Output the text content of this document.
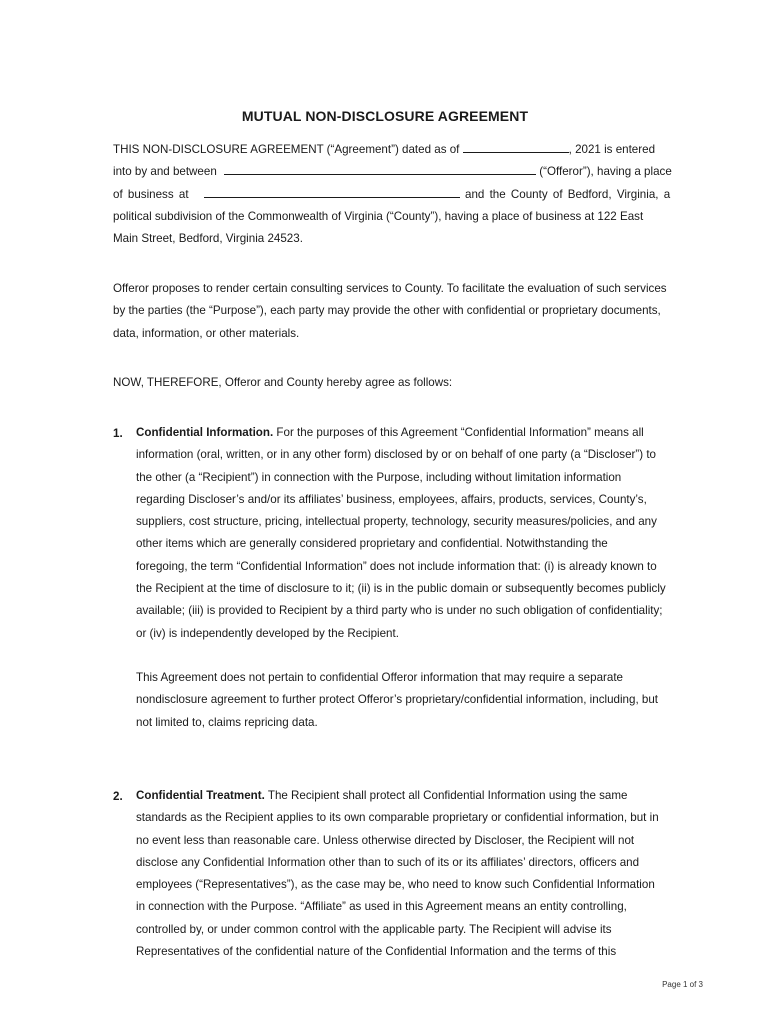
MUTUAL NON-DISCLOSURE AGREEMENT
THIS NON-DISCLOSURE AGREEMENT (“Agreement”) dated as of	, 2021 is entered
into by and between	(“Offeror”), having a place
of business at	and the County of Bedford, Virginia, a
political subdivision of the Commonwealth of Virginia (“County”), having a place of business at 122 East
Main Street, Bedford, Virginia 24523.
Offeror proposes to render certain consulting services to County. To facilitate the evaluation of such services
by the parties (the “Purpose”), each party may provide the other with confidential or proprietary documents,
data, information, or other materials.
NOW, THEREFORE, Offeror and County hereby agree as follows:
1. Confidential Information. For the purposes of this Agreement “Confidential Information” means all
information (oral, written, or in any other form) disclosed by or on behalf of one party (a “Discloser”) to
the other (a “Recipient”) in connection with the Purpose, including without limitation information
regarding Discloser’s and/or its affiliates’ business, employees, affairs, products, services, County’s,
suppliers, cost structure, pricing, intellectual property, technology, security measures/policies, and any
other items which are generally considered proprietary and confidential. Notwithstanding the
foregoing, the term “Confidential Information” does not include information that: (i) is already known to
the Recipient at the time of disclosure to it; (ii) is in the public domain or subsequently becomes publicly
available; (iii) is provided to Recipient by a third party who is under no such obligation of confidentiality;
or (iv) is independently developed by the Recipient.
This Agreement does not pertain to confidential Offeror information that may require a separate
nondisclosure agreement to further protect Offeror’s proprietary/confidential information, including, but
not limited to, claims repricing data.
2. Confidential Treatment. The Recipient shall protect all Confidential Information using the same
standards as the Recipient applies to its own comparable proprietary or confidential information, but in
no event less than reasonable care. Unless otherwise directed by Discloser, the Recipient will not
disclose any Confidential Information other than to such of its or its affiliates’ directors, officers and
employees (“Representatives”), as the case may be, who need to know such Confidential Information
in connection with the Purpose. “Affiliate” as used in this Agreement means an entity controlling,
controlled by, or under common control with the applicable party. The Recipient will advise its
Representatives of the confidential nature of the Confidential Information and the terms of this
Page 1 of 3
